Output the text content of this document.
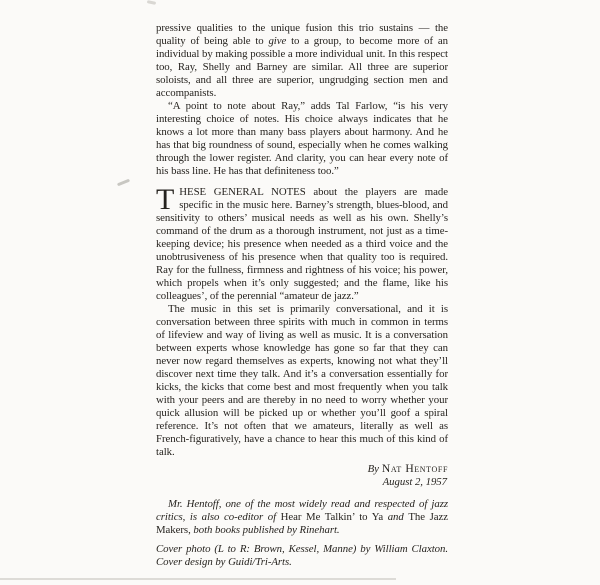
pressive qualities to the unique fusion this trio sustains — the quality of being able to give to a group, to become more of an individual by making possible a more individual unit. In this respect too, Ray, Shelly and Barney are similar. All three are superior soloists, and all three are superior, ungrudging section men and accompanists.

“A point to note about Ray,” adds Tal Farlow, “is his very interesting choice of notes. His choice always indicates that he knows a lot more than many bass players about harmony. And he has that big roundness of sound, especially when he comes walking through the lower register. And clarity, you can hear every note of his bass line. He has that definiteness too.”

THESE GENERAL NOTES about the players are made specific in the music here. Barney’s strength, blues-blood, and sensitivity to others’ musical needs as well as his own. Shelly’s command of the drum as a thorough instrument, not just as a time-keeping device; his presence when needed as a third voice and the unobtrusiveness of his presence when that quality too is required. Ray for the fullness, firmness and rightness of his voice; his power, which propels when it’s only suggested; and the flame, like his colleagues’, of the perennial “amateur de jazz.”

The music in this set is primarily conversational, and it is conversation between three spirits with much in common in terms of lifeview and way of living as well as music. It is a conversation between experts whose knowledge has gone so far that they can never now regard themselves as experts, knowing not what they’ll discover next time they talk. And it’s a conversation essentially for kicks, the kicks that come best and most frequently when you talk with your peers and are thereby in no need to worry whether your quick allusion will be picked up or whether you’ll goof a spiral reference. It’s not often that we amateurs, literally as well as French-figuratively, have a chance to hear this much of this kind of talk.

By Nat Hentoff
August 2, 1957

Mr. Hentoff, one of the most widely read and respected of jazz critics, is also co-editor of Hear Me Talkin’ to Ya and The Jazz Makers, both books published by Rinehart.

Cover photo (L to R: Brown, Kessel, Manne) by William Claxton. Cover design by Guidi/Tri-Arts.
